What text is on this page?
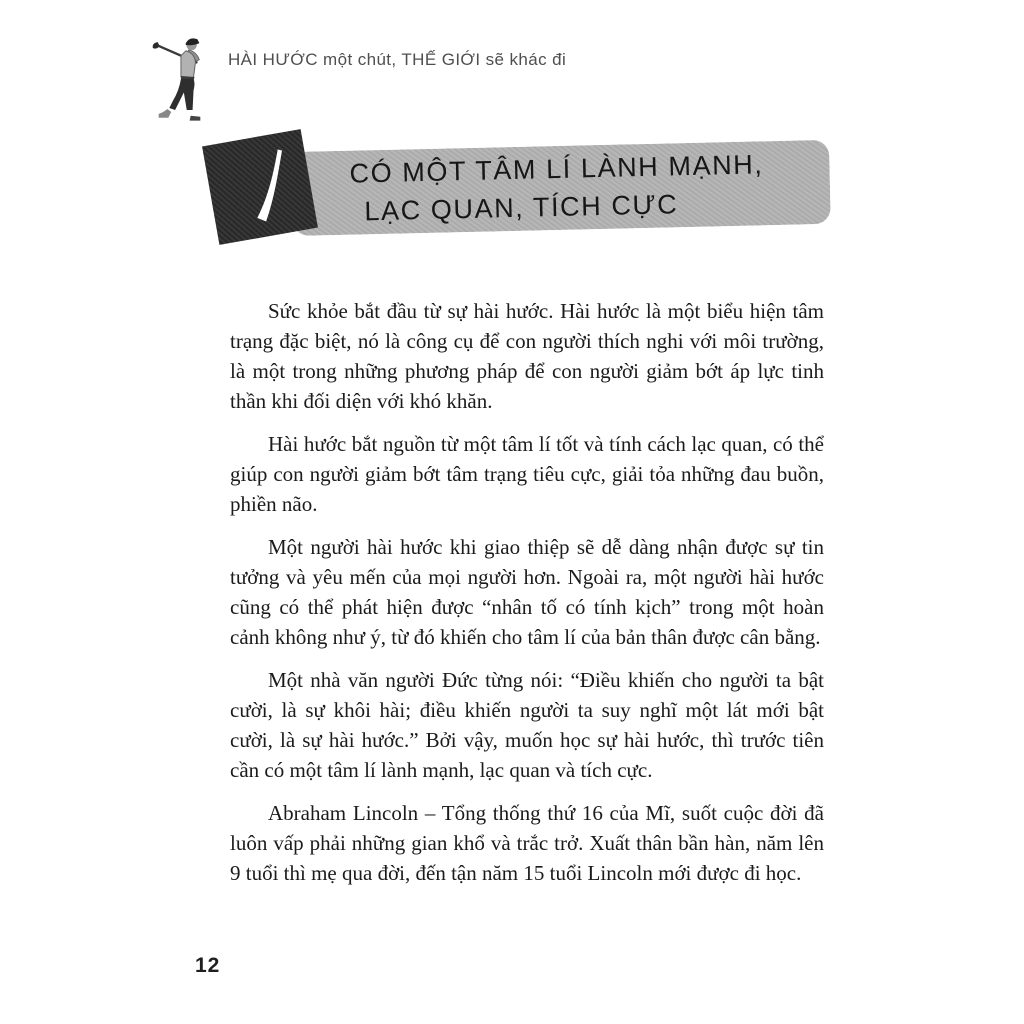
HÀI HƯỚC một chút, THẾ GIỚI sẽ khác đi
CÓ MỘT TÂM LÍ LÀNH MẠNH,
LẠC QUAN, TÍCH CỰC

Sức khỏe bắt đầu từ sự hài hước. Hài hước là một biểu hiện tâm trạng đặc biệt, nó là công cụ để con người thích nghi với môi trường, là một trong những phương pháp để con người giảm bớt áp lực tinh thần khi đối diện với khó khăn.

Hài hước bắt nguồn từ một tâm lí tốt và tính cách lạc quan, có thể giúp con người giảm bớt tâm trạng tiêu cực, giải tỏa những đau buồn, phiền não.

Một người hài hước khi giao thiệp sẽ dễ dàng nhận được sự tin tưởng và yêu mến của mọi người hơn. Ngoài ra, một người hài hước cũng có thể phát hiện được “nhân tố có tính kịch” trong một hoàn cảnh không như ý, từ đó khiến cho tâm lí của bản thân được cân bằng.

Một nhà văn người Đức từng nói: “Điều khiến cho người ta bật cười, là sự khôi hài; điều khiến người ta suy nghĩ một lát mới bật cười, là sự hài hước.” Bởi vậy, muốn học sự hài hước, thì trước tiên cần có một tâm lí lành mạnh, lạc quan và tích cực.

Abraham Lincoln – Tổng thống thứ 16 của Mĩ, suốt cuộc đời đã luôn vấp phải những gian khổ và trắc trở. Xuất thân bần hàn, năm lên 9 tuổi thì mẹ qua đời, đến tận năm 15 tuổi Lincoln mới được đi học.

12
